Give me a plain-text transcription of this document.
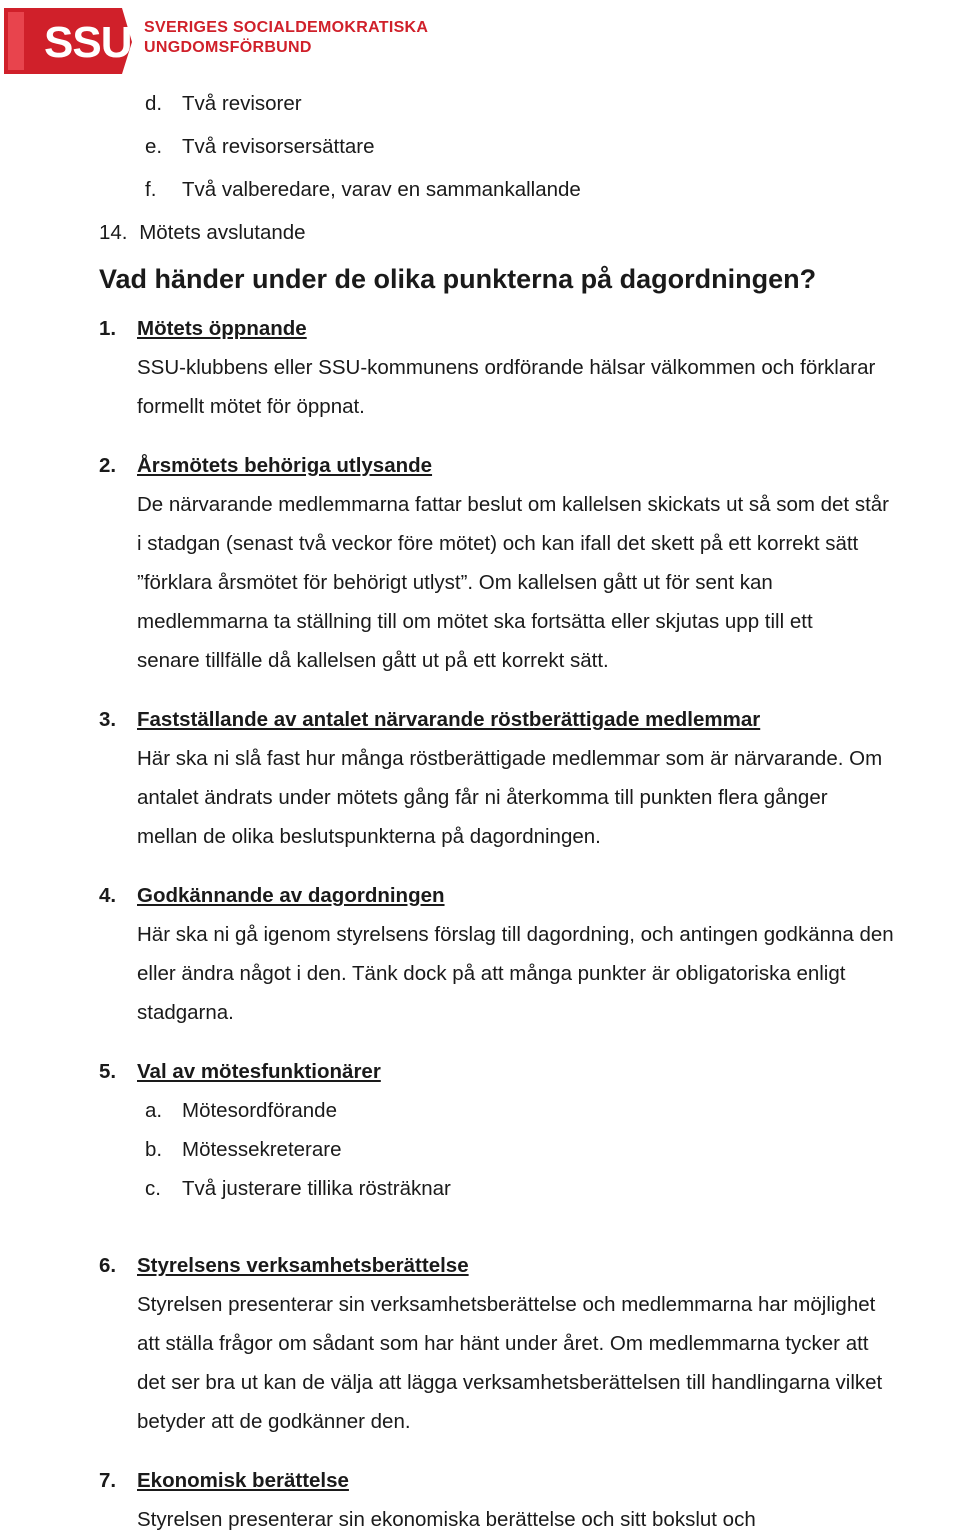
SSU SVERIGES SOCIALDEMOKRATISKA
UNGDOMSFÖRBUND
d. Två revisorer
e. Två revisorsersättare
f. Två valberedare, varav en sammankallande
14. Mötets avslutande
Vad händer under de olika punkterna på dagordningen?
1. Mötets öppnande

SSU-klubbens eller SSU-kommunens ordförande hälsar välkommen och förklarar

formellt mötet för öppnat.

2. Årsmötets behöriga utlysande

De närvarande medlemmarna fattar beslut om kallelsen skickats ut så som det står

i stadgan (senast två veckor före mötet) och kan ifall det skett på ett korrekt sätt

”förklara årsmötet för behörigt utlyst”. Om kallelsen gått ut för sent kan

medlemmarna ta ställning till om mötet ska fortsätta eller skjutas upp till ett

senare tillfälle då kallelsen gått ut på ett korrekt sätt.

3. Fastställande av antalet närvarande röstberättigade medlemmar

Här ska ni slå fast hur många röstberättigade medlemmar som är närvarande. Om

antalet ändrats under mötets gång får ni återkomma till punkten flera gånger

mellan de olika beslutspunkterna på dagordningen.

4. Godkännande av dagordningen

Här ska ni gå igenom styrelsens förslag till dagordning, och antingen godkänna den

eller ändra något i den. Tänk dock på att många punkter är obligatoriska enligt

stadgarna.

5. Val av mötesfunktionärer
a. Mötesordförande
b. Mötessekreterare
c. Två justerare tillika rösträknar
6. Styrelsens verksamhetsberättelse

Styrelsen presenterar sin verksamhetsberättelse och medlemmarna har möjlighet

att ställa frågor om sådant som har hänt under året. Om medlemmarna tycker att

det ser bra ut kan de välja att lägga verksamhetsberättelsen till handlingarna vilket

betyder att de godkänner den.

7. Ekonomisk berättelse

Styrelsen presenterar sin ekonomiska berättelse och sitt bokslut och
